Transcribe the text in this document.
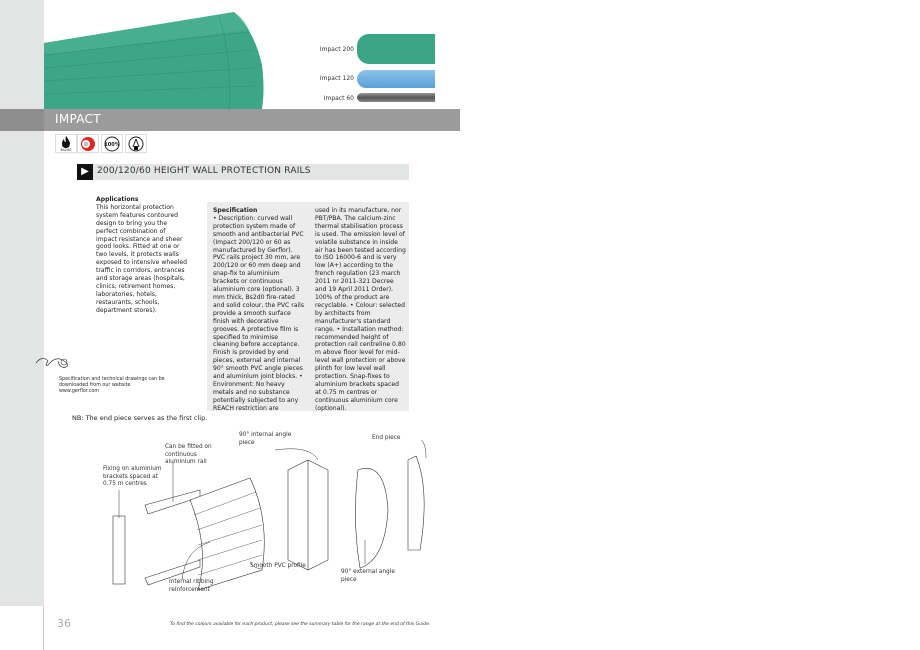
Impact 200
Impact 120
Impact 60
IMPACT
Bs2d0
100%
▶ 200/120/60 HEIGHT WALL PROTECTION RAILS
Applications
This horizontal protection system features contoured design to bring you the perfect combination of impact resistance and sheer good looks. Fitted at one or two levels, it protects walls exposed to intensive wheeled traffic in corridors, entrances and storage areas (hospitals, clinics, retirement homes, laboratories, hotels, restaurants, schools, department stores).
Specification
• Description: curved wall protection system made of smooth and antibacterial PVC (Impact 200/120 or 60 as manufactured by Gerflor). PVC rails project 30 mm, are 200/120 or 60 mm deep and snap-fix to aluminium brackets or continuous aluminium core (optional). 3 mm thick, Bs2d0 fire-rated and solid colour, the PVC rails provide a smooth surface finish with decorative grooves. A protective film is specified to minimise cleaning before acceptance. Finish is provided by end pieces, external and internal 90° smooth PVC angle pieces and aluminium joint blocks. • Environment: No heavy metals and no substance potentially subjected to any REACH restriction are
used in its manufacture, nor PBT/PBA. The calcium-zinc thermal stabilisation process is used. The emission level of volatile substance in inside air has been tested according to ISO 16000-6 and is very low (A+) according to the french regulation (23 march 2011 nr 2011-321 Decree and 19 April 2011 Order). 100% of the product are recyclable. • Colour: selected by architects from manufacturer's standard range. • Installation method: recommended height of protection rail centreline 0.80 m above floor level for mid-level wall protection or above plinth for low level wall protection. Snap-fixes to aluminium brackets spaced at 0.75 m centres or continuous aluminium core (optional).
Specification and technical drawings can be downloaded from our website www.gerflor.com
NB: The end piece serves as the first clip.
Fixing on aluminium brackets spaced at 0.75 m centres
Can be fitted on continuous aluminium rail
Internal ribbing reinforcement
Smooth PVC profile
90° internal angle piece
90° external angle piece
End piece
36	To find the colours available for each product, please see the summary table for the range at the end of this Guide.
